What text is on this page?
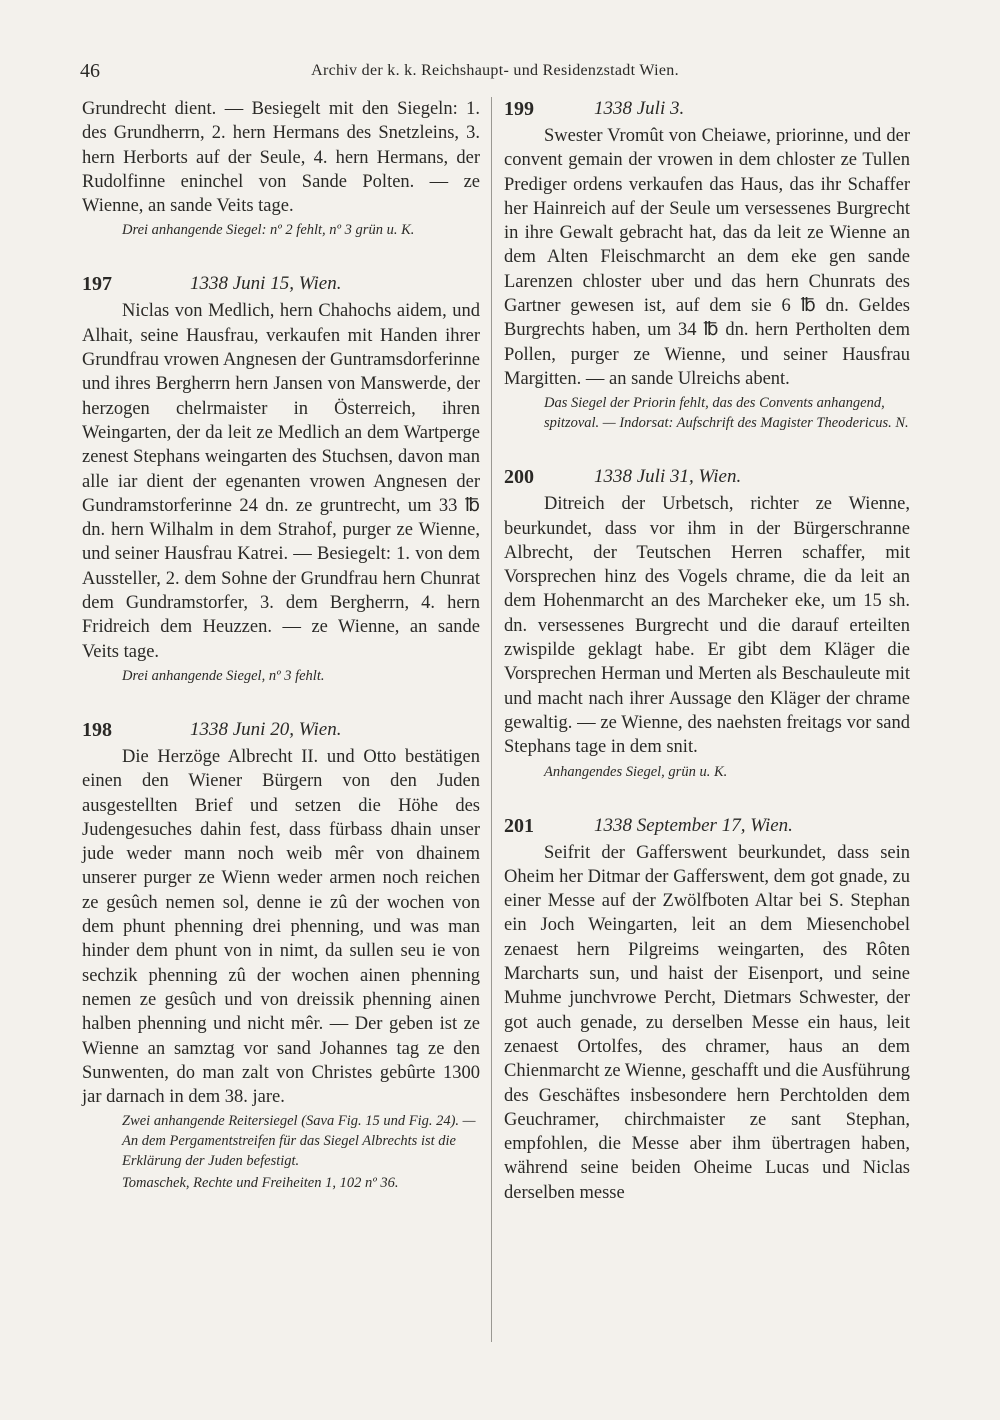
46	Archiv der k. k. Reichshaupt- und Residenzstadt Wien.
Grundrecht dient. — Besiegelt mit den Siegeln: 1. des Grundherrn, 2. hern Hermans des Snetzleins, 3. hern Herborts auf der Seule, 4. hern Hermans, der Rudolfinne eninchel von Sande Polten. — ze Wienne, an sande Veits tage.
Drei anhangende Siegel: nº 2 fehlt, nº 3 grün u. K.
197	1338 Juni 15, Wien.
Niclas von Medlich, hern Chahochs aidem, und Alhait, seine Hausfrau, verkaufen mit Handen ihrer Grundfrau vrowen Angnesen der Guntramsdorferinne und ihres Bergherrn hern Jansen von Manswerde, der herzogen chelrmaister in Österreich, ihren Weingarten, der da leit ze Medlich an dem Wartperge zenest Stephans weingarten des Stuchsen, davon man alle iar dient der egenanten vrowen Angnesen der Gundramstorferinne 24 dn. ze gruntrecht, um 33 ℔ dn. hern Wilhalm in dem Strahof, purger ze Wienne, und seiner Hausfrau Katrei. — Besiegelt: 1. von dem Aussteller, 2. dem Sohne der Grundfrau hern Chunrat dem Gundramstorfer, 3. dem Bergherrn, 4. hern Fridreich dem Heuzzen. — ze Wienne, an sande Veits tage.
Drei anhangende Siegel, nº 3 fehlt.
198	1338 Juni 20, Wien.
Die Herzöge Albrecht II. und Otto bestätigen einen den Wiener Bürgern von den Juden ausgestellten Brief und setzen die Höhe des Judengesuches dahin fest, dass fürbass dhain unser jude weder mann noch weib mêr von dhainem unserer purger ze Wienn weder armen noch reichen ze gesûch nemen sol, denne ie zû der wochen von dem phunt phenning drei phenning, und was man hinder dem phunt von in nimt, da sullen seu ie von sechzik phenning zû der wochen ainen phenning nemen ze gesûch und von dreissik phenning ainen halben phenning und nicht mêr. — Der geben ist ze Wienne an samztag vor sand Johannes tag ze den Sunwenten, do man zalt von Christes gebûrte 1300 jar darnach in dem 38. jare.
Zwei anhangende Reitersiegel (Sava Fig. 15 und Fig. 24). — An dem Pergamentstreifen für das Siegel Albrechts ist die Erklärung der Juden befestigt.
Tomaschek, Rechte und Freiheiten 1, 102 nº 36.
199	1338 Juli 3.
Swester Vromût von Cheiawe, priorinne, und der convent gemain der vrowen in dem chloster ze Tullen Prediger ordens verkaufen das Haus, das ihr Schaffer her Hainreich auf der Seule um versessenes Burgrecht in ihre Gewalt gebracht hat, das da leit ze Wienne an dem Alten Fleischmarcht an dem eke gen sande Larenzen chloster uber und das hern Chunrats des Gartner gewesen ist, auf dem sie 6 ℔ dn. Geldes Burgrechts haben, um 34 ℔ dn. hern Pertholten dem Pollen, purger ze Wienne, und seiner Hausfrau Margitten. — an sande Ulreichs abent.
Das Siegel der Priorin fehlt, das des Convents anhangend, spitzoval. — Indorsat: Aufschrift des Magister Theodericus. N.
200	1338 Juli 31, Wien.
Ditreich der Urbetsch, richter ze Wienne, beurkundet, dass vor ihm in der Bürgerschranne Albrecht, der Teutschen Herren schaffer, mit Vorsprechen hinz des Vogels chrame, die da leit an dem Hohenmarcht an des Marcheker eke, um 15 sh. dn. versessenes Burgrecht und die darauf erteilten zwispilde geklagt habe. Er gibt dem Kläger die Vorsprechen Herman und Merten als Beschauleute mit und macht nach ihrer Aussage den Kläger der chrame gewaltig. — ze Wienne, des naehsten freitags vor sand Stephans tage in dem snit.
Anhangendes Siegel, grün u. K.
201	1338 September 17, Wien.
Seifrit der Gafferswent beurkundet, dass sein Oheim her Ditmar der Gafferswent, dem got gnade, zu einer Messe auf der Zwölfboten Altar bei S. Stephan ein Joch Weingarten, leit an dem Miesenchobel zenaest hern Pilgreims weingarten, des Rôten Marcharts sun, und haist der Eisenport, und seine Muhme junchvrowe Percht, Dietmars Schwester, der got auch genade, zu derselben Messe ein haus, leit zenaest Ortolfes, des chramer, haus an dem Chienmarcht ze Wienne, geschafft und die Ausführung des Geschäftes insbesondere hern Perchtolden dem Geuchramer, chirchmaister ze sant Stephan, empfohlen, die Messe aber ihm übertragen haben, während seine beiden Oheime Lucas und Niclas derselben messe
